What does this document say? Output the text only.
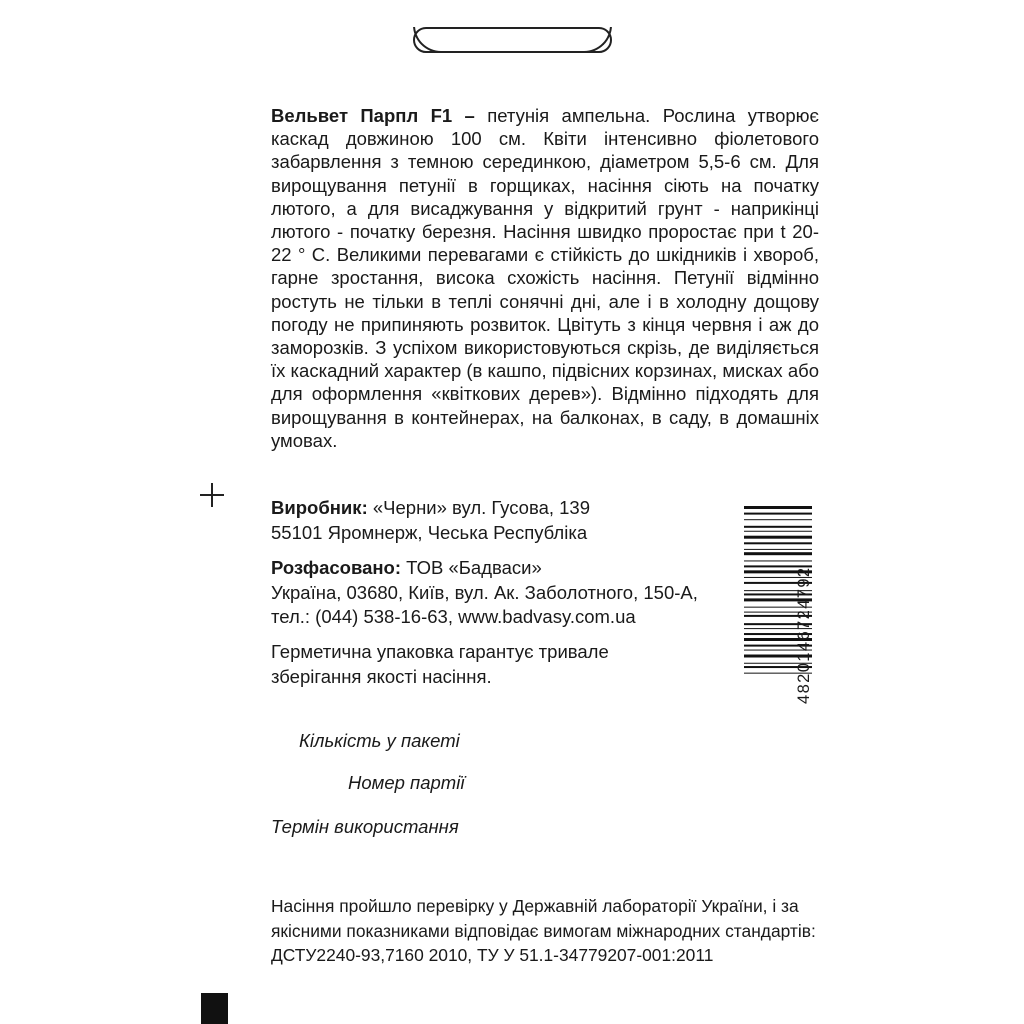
Вельвет Парпл F1 – петунія ампельна. Рослина утворює каскад довжиною 100 см. Квіти інтенсивно фіолетового забарвлення з темною серединкою, діаметром 5,5-6 см. Для вирощування петунії в горщиках, насіння сіють на початку лютого, а для висаджування у відкритий грунт - наприкінці лютого - початку березня. Насіння швидко проростає при t 20-22 ° С. Великими перевагами є стійкість до шкідників і хвороб, гарне зростання, висока схожість насіння. Петунії відмінно ростуть не тільки в теплі сонячні дні, але і в холодну дощову погоду не припиняють розвиток. Цвітуть з кінця червня і аж до заморозків. З успіхом використовуються скрізь, де виділяється їх каскадний характер (в кашпо, підвісних корзинах, мисках або для оформлення «квіткових дерев»). Відмінно підходять для вирощування в контейнерах, на балконах, в саду, в домашніх умовах.

Виробник: «Черни» вул. Гусова, 139
55101 Яромнерж, Чеська Республіка
Розфасовано: ТОВ «Бадваси»
Україна, 03680, Київ, вул. Ак. Заболотного, 150-А,
тел.: (044) 538-16-63, www.badvasy.com.ua
Герметична упаковка гарантує тривале
зберігання якості насіння.

Кількість у пакеті

Номер партії

Термін використання

Насіння пройшло перевірку у Державній лабораторії України, і за
якісними показниками відповідає вимогам міжнародних стандартів:
ДСТУ2240-93,7160 2010, ТУ У 51.1-34779207-001:2011
4820146724792
